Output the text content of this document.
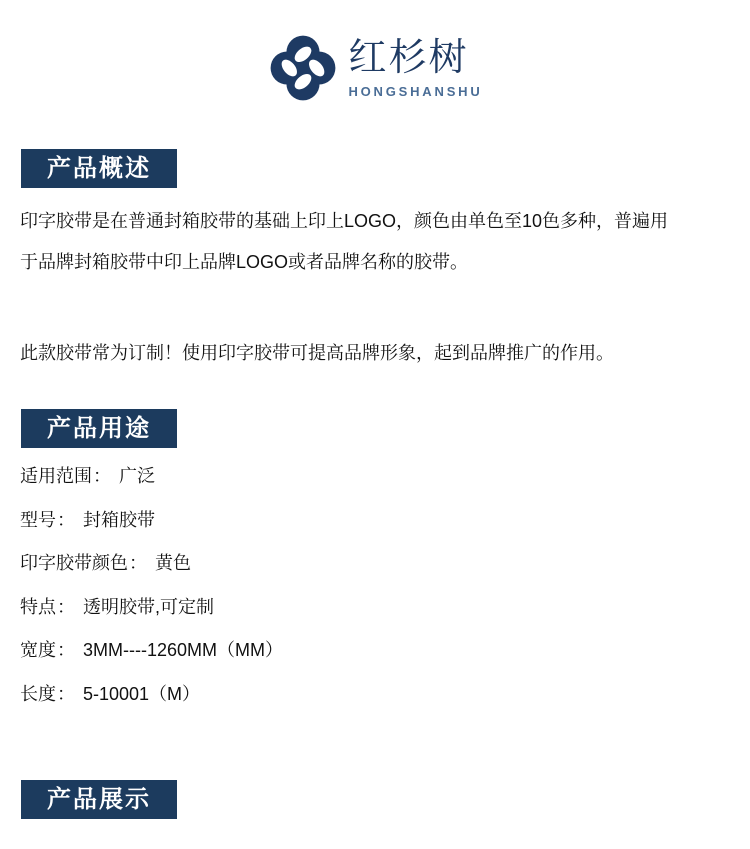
红杉树
HONGSHANSHU
产品概述
印字胶带是在普通封箱胶带的基础上印上LOGO，颜色由单色至10色多种，普遍用
于品牌封箱胶带中印上品牌LOGO或者品牌名称的胶带。
此款胶带常为订制！使用印字胶带可提高品牌形象，起到品牌推广的作用。
产品用途
适用范围： 广泛
型号： 封箱胶带
印字胶带颜色： 黄色
特点： 透明胶带,可定制
宽度： 3MM----1260MM（MM）
长度： 5-10001（M）
产品展示
